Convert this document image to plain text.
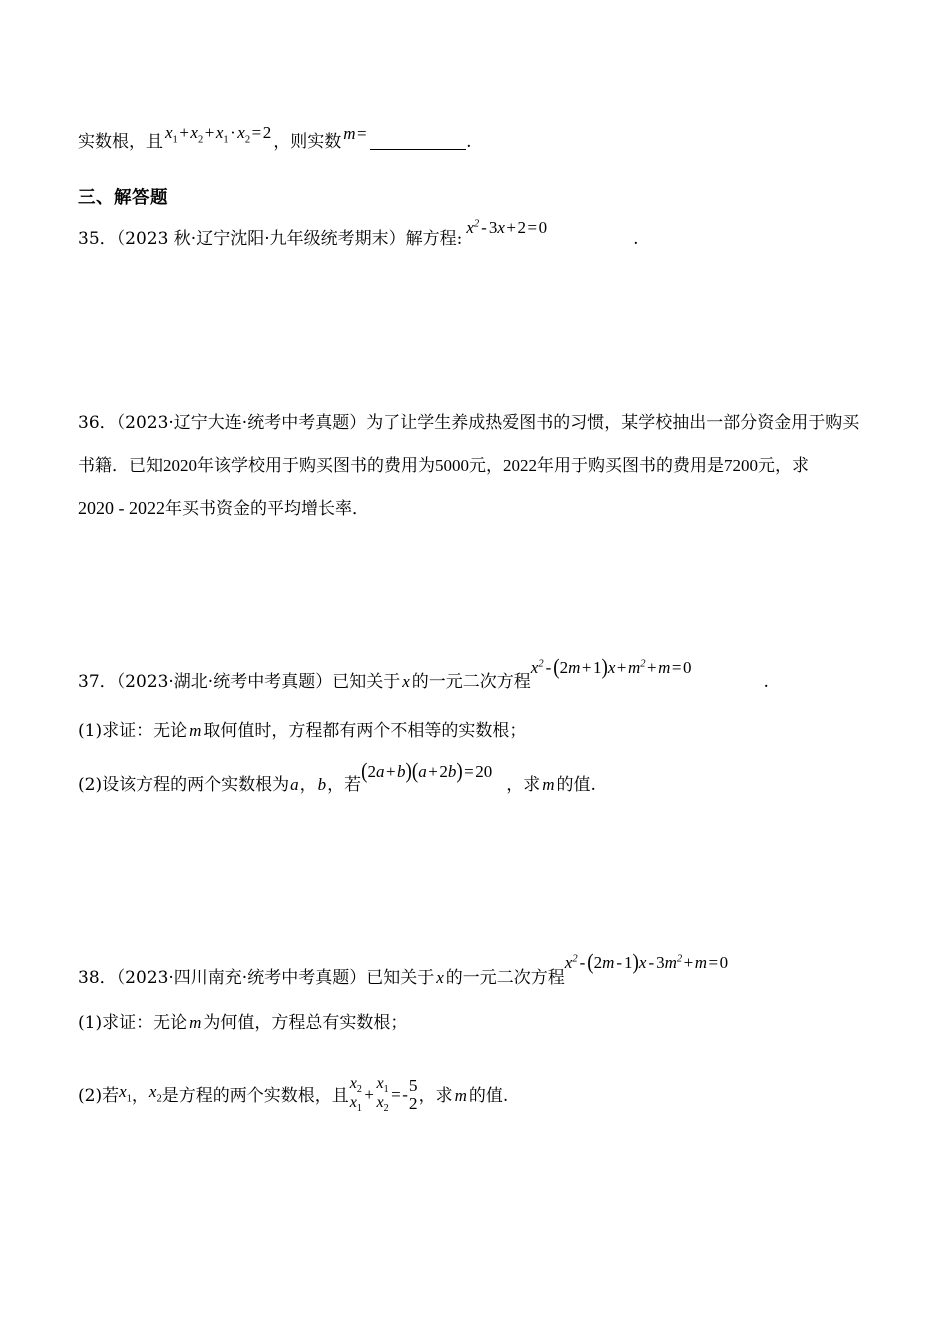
实数根，且 $x_1+x_2+x_1\cdot x_2=2$ ，则实数 m=	.
三、解答题
35．（2023 秋·辽宁沈阳·九年级统考期末）解方程$:x^2 - 3x+2=0$.
36．（2023·辽宁大连·统考中考真题）为了让学生养成热爱图书的习惯，某学校抽出一部分资金用于购买
书籍．已知2020年该学校用于购买图书的费用为5000元，2022年用于购买图书的费用是7200元，求
2020 - 2022年买书资金的平均增长率．
37．（2023·湖北·统考中考真题）已知关于 x 的一元二次方程$x^2 - (2m+1)x+m^2+m=0$.
(1)求证：无论 m 取何值时，方程都有两个不相等的实数根；
(2)设该方程的两个实数根为a，b，若(2a+b)(a+2b)=20，求 m 的值.
38．（2023·四川南充·统考中考真题）已知关于 x 的一元二次方程$x^2 - (2m - 1)x - 3m^2+m=0$
(1)求证：无论 m 为何值，方程总有实数根；
(2)若$x_1$，$x_2$是方程的两个实数根，且
$x_2$
$x_1$
+
$x_1$
$x_2$
=- 5
2 ，求 m 的值.
